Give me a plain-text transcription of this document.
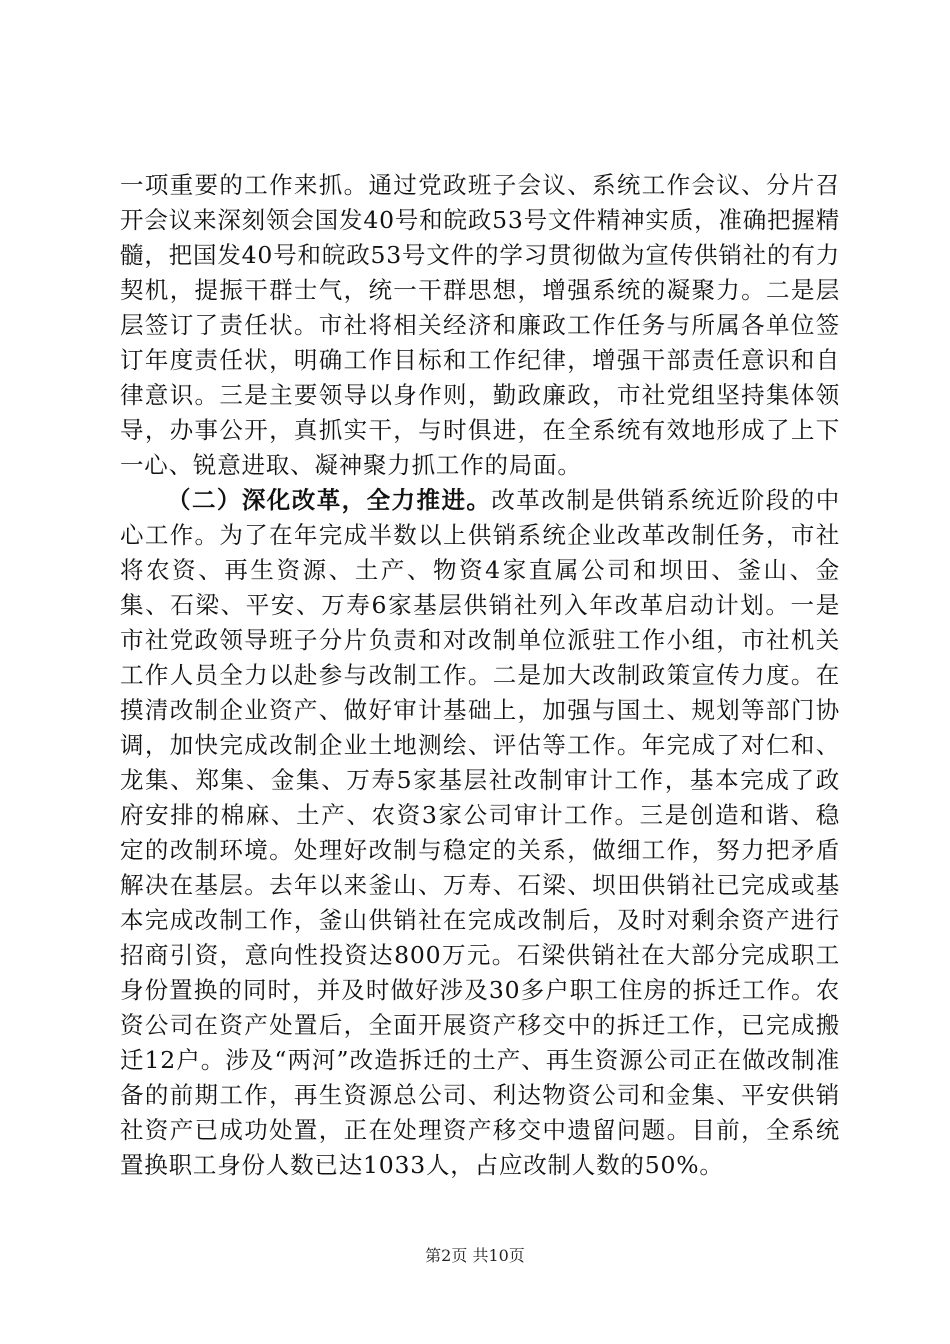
一项重要的工作来抓。通过党政班子会议、系统工作会议、分片召开会议来深刻领会国发40号和皖政53号文件精神实质，准确把握精髓，把国发40号和皖政53号文件的学习贯彻做为宣传供销社的有力契机，提振干群士气，统一干群思想，增强系统的凝聚力。二是层层签订了责任状。市社将相关经济和廉政工作任务与所属各单位签订年度责任状，明确工作目标和工作纪律，增强干部责任意识和自律意识。三是主要领导以身作则，勤政廉政，市社党组坚持集体领导，办事公开，真抓实干，与时俱进，在全系统有效地形成了上下一心、锐意进取、凝神聚力抓工作的局面。

（二）深化改革，全力推进。改革改制是供销系统近阶段的中心工作。为了在年完成半数以上供销系统企业改革改制任务，市社将农资、再生资源、土产、物资4家直属公司和坝田、釜山、金集、石梁、平安、万寿6家基层供销社列入年改革启动计划。一是市社党政领导班子分片负责和对改制单位派驻工作小组，市社机关工作人员全力以赴参与改制工作。二是加大改制政策宣传力度。在摸清改制企业资产、做好审计基础上，加强与国土、规划等部门协调，加快完成改制企业土地测绘、评估等工作。年完成了对仁和、龙集、郑集、金集、万寿5家基层社改制审计工作，基本完成了政府安排的棉麻、土产、农资3家公司审计工作。三是创造和谐、稳定的改制环境。处理好改制与稳定的关系，做细工作，努力把矛盾解决在基层。去年以来釜山、万寿、石梁、坝田供销社已完成或基本完成改制工作，釜山供销社在完成改制后，及时对剩余资产进行招商引资，意向性投资达800万元。石梁供销社在大部分完成职工身份置换的同时，并及时做好涉及30多户职工住房的拆迁工作。农资公司在资产处置后，全面开展资产移交中的拆迁工作，已完成搬迁12户。涉及“两河”改造拆迁的土产、再生资源公司正在做改制准备的前期工作，再生资源总公司、利达物资公司和金集、平安供销社资产已成功处置，正在处理资产移交中遗留问题。目前，全系统置换职工身份人数已达1033人，占应改制人数的50%。

第2页 共10页
